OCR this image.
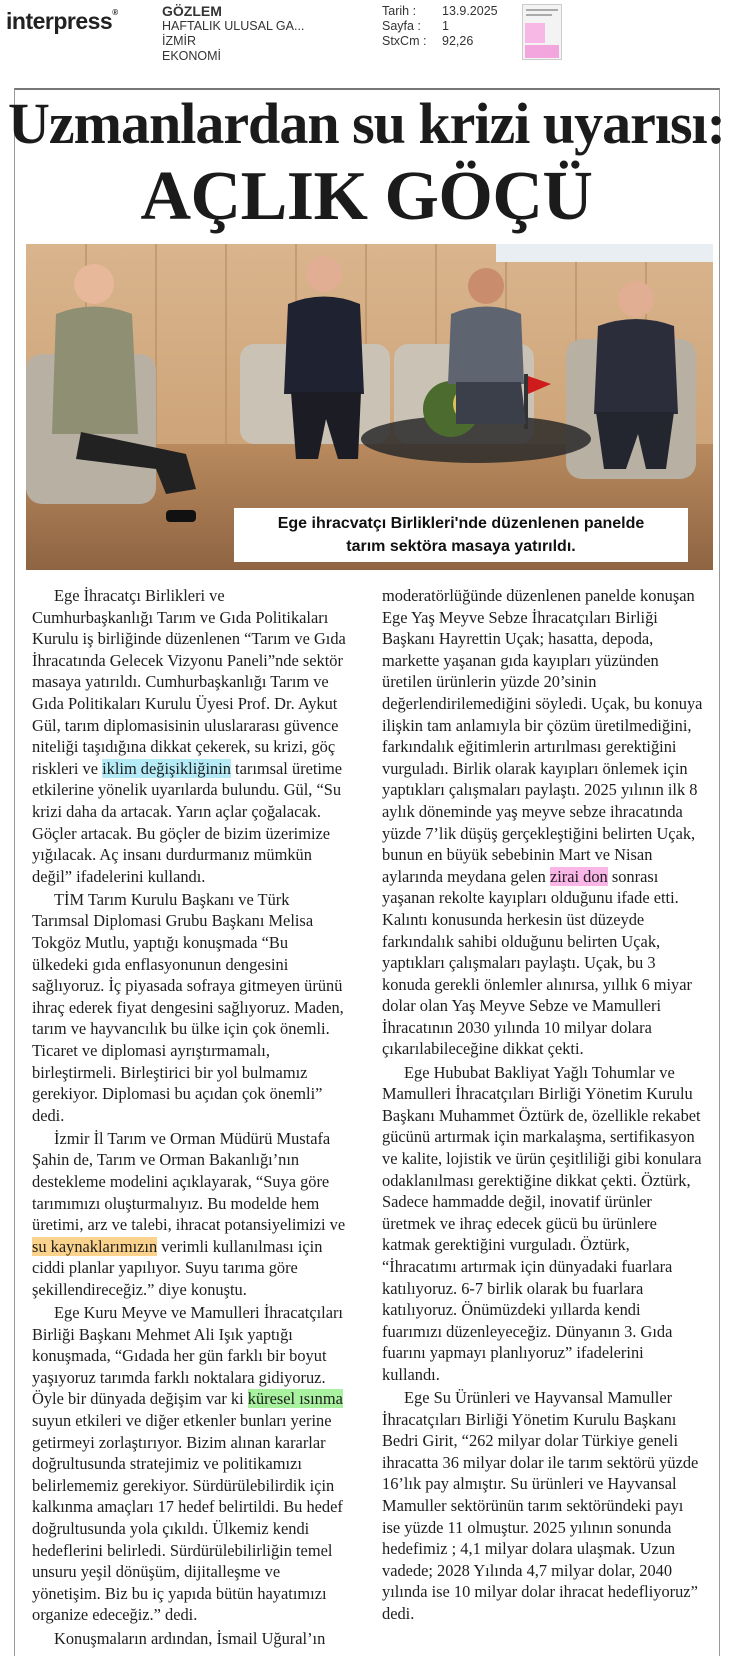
interpress®	GÖZLEM
HAFTALIK ULUSAL GA...
İZMİR
EKONOMİ
Tarih :	13.9.2025
Sayfa :	1
StxCm :	92,26
Uzmanlardan su krizi uyarısı:
AÇLIK GÖÇÜ
Ege ihracvatçı Birlikleri'nde düzenlenen panelde
tarım sektöra masaya yatırıldı.

Ege İhracatçı Birlikleri ve Cumhurbaşkanlığı Tarım ve Gıda Politikaları Kurulu iş birliğinde düzenlenen “Tarım ve Gıda İhracatında Gelecek Vizyonu Paneli”nde sektör masaya yatırıldı. Cumhurbaşkanlığı Tarım ve Gıda Politikaları Kurulu Üyesi Prof. Dr. Aykut Gül, tarım diplomasisinin uluslararası güvence niteliği taşıdığına dikkat çekerek, su krizi, göç riskleri ve iklim değişikliğinin tarımsal üretime etkilerine yönelik uyarılarda bulundu. Gül, “Su krizi daha da artacak. Yarın açlar çoğalacak. Göçler artacak. Bu göçler de bizim üzerimize yığılacak. Aç insanı durdurmanız mümkün değil” ifadelerini kullandı.

TİM Tarım Kurulu Başkanı ve Türk Tarımsal Diplomasi Grubu Başkanı Melisa Tokgöz Mutlu, yaptığı konuşmada “Bu ülkedeki gıda enflasyonunun dengesini sağlıyoruz. İç piyasada sofraya gitmeyen ürünü ihraç ederek fiyat dengesini sağlıyoruz. Maden, tarım ve hayvancılık bu ülke için çok önemli. Ticaret ve diplomasi ayrıştırmamalı, birleştirmeli. Birleştirici bir yol bulmamız gerekiyor. Diplomasi bu açıdan çok önemli” dedi.

İzmir İl Tarım ve Orman Müdürü Mustafa Şahin de, Tarım ve Orman Bakanlığı’nın destekleme modelini açıklayarak, “Suya göre tarımımızı oluşturmalıyız. Bu modelde hem üretimi, arz ve talebi, ihracat potansiyelimizi ve su kaynaklarımızın verimli kullanılması için ciddi planlar yapılıyor. Suyu tarıma göre şekillendireceğiz.” diye konuştu.

Ege Kuru Meyve ve Mamulleri İhracatçıları Birliği Başkanı Mehmet Ali Işık yaptığı konuşmada, “Gıdada her gün farklı bir boyut yaşıyoruz tarımda farklı noktalara gidiyoruz. Öyle bir dünyada değişim var ki küresel ısınma suyun etkileri ve diğer etkenler bunları yerine getirmeyi zorlaştırıyor. Bizim alınan kararlar doğrultusunda stratejimiz ve politikamızı belirlememiz gerekiyor. Sürdürülebilirdik için kalkınma amaçları 17 hedef belirtildi. Bu hedef doğrultusunda yola çıkıldı. Ülkemiz kendi hedeflerini belirledi. Sürdürülebilirliğin temel unsuru yeşil dönüşüm, dijitalleşme ve yönetişim. Biz bu iç yapıda bütün hayatımızı organize edeceğiz.” dedi.

Konuşmaların ardından, İsmail Uğural’ın

moderatörlüğünde düzenlenen panelde konuşan Ege Yaş Meyve Sebze İhracatçıları Birliği Başkanı Hayrettin Uçak; hasatta, depoda, markette yaşanan gıda kayıpları yüzünden üretilen ürünlerin yüzde 20’sinin değerlendirilemediğini söyledi. Uçak, bu konuya ilişkin tam anlamıyla bir çözüm üretilmediğini, farkındalık eğitimlerin artırılması gerektiğini vurguladı. Birlik olarak kayıpları önlemek için yaptıkları çalışmaları paylaştı. 2025 yılının ilk 8 aylık döneminde yaş meyve sebze ihracatında yüzde 7’lik düşüş gerçekleştiğini belirten Uçak, bunun en büyük sebebinin Mart ve Nisan aylarında meydana gelen zirai don sonrası yaşanan rekolte kayıpları olduğunu ifade etti. Kalıntı konusunda herkesin üst düzeyde farkındalık sahibi olduğunu belirten Uçak, yaptıkları çalışmaları paylaştı. Uçak, bu 3 konuda gerekli önlemler alınırsa, yıllık 6 miyar dolar olan Yaş Meyve Sebze ve Mamulleri İhracatının 2030 yılında 10 milyar dolara çıkarılabileceğine dikkat çekti.

Ege Hububat Bakliyat Yağlı Tohumlar ve Mamulleri İhracatçıları Birliği Yönetim Kurulu Başkanı Muhammet Öztürk de, özellikle rekabet gücünü artırmak için markalaşma, sertifikasyon ve kalite, lojistik ve ürün çeşitliliği gibi konulara odaklanılması gerektiğine dikkat çekti. Öztürk, Sadece hammadde değil, inovatif ürünler üretmek ve ihraç edecek gücü bu ürünlere katmak gerektiğini vurguladı. Öztürk, “İhracatımı artırmak için dünyadaki fuarlara katılıyoruz. 6-7 birlik olarak bu fuarlara katılıyoruz. Önümüzdeki yıllarda kendi fuarımızı düzenleyeceğiz. Dünyanın 3. Gıda fuarını yapmayı planlıyoruz” ifadelerini kullandı.

Ege Su Ürünleri ve Hayvansal Mamuller İhracatçıları Birliği Yönetim Kurulu Başkanı Bedri Girit, “262 milyar dolar Türkiye geneli ihracatta 36 milyar dolar ile tarım sektörü yüzde 16’lık pay almıştır. Su ürünleri ve Hayvansal Mamuller sektörünün tarım sektöründeki payı ise yüzde 11 olmuştur. 2025 yılının sonunda hedefimiz ; 4,1 milyar dolara ulaşmak. Uzun vadede; 2028 Yılında 4,7 milyar dolar, 2040 yılında ise 10 milyar dolar ihracat hedefliyoruz” dedi.
